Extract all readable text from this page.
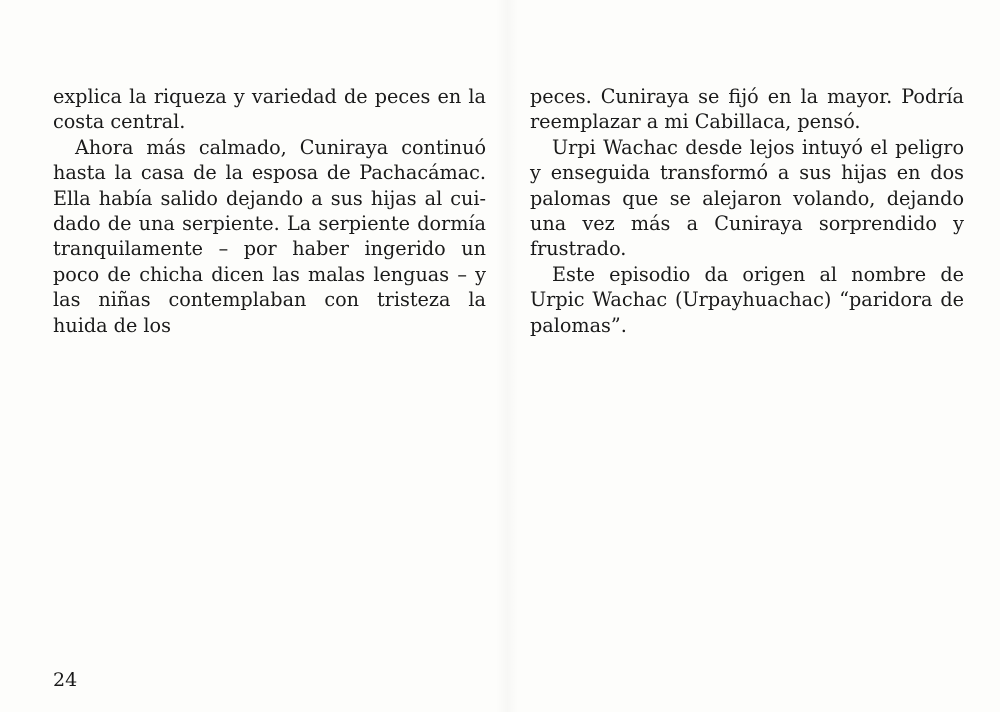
explica la riqueza y variedad de peces en la costa central.

Ahora más calmado, Cuniraya continuó hasta la casa de la esposa de Pachacámac. Ella había salido dejando a sus hijas al cuidado de una serpiente. La serpiente dormía tranquilamente – por haber ingerido un poco de chicha dicen las malas lenguas – y las niñas contemplaban con tristeza la huida de los

24

peces. Cuniraya se fijó en la mayor. Podría reemplazar a mi Cabillaca, pensó.

Urpi Wachac desde lejos intuyó el peligro y enseguida transformó a sus hijas en dos palomas que se alejaron volando, dejando una vez más a Cuniraya sorprendido y frustrado.

Este episodio da origen al nombre de Urpic Wachac (Urpayhuachac) “paridora de palomas”.
